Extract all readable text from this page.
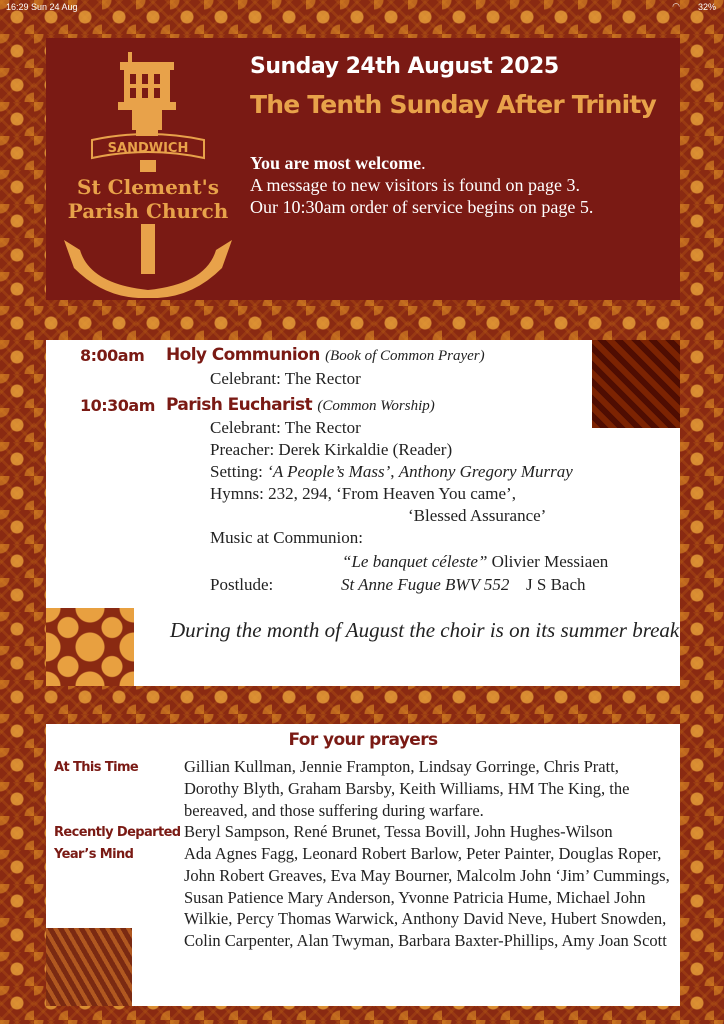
16:29 Sun 24 Aug	◠ 32%
SANDWICH
St Clement's
Parish Church
Sunday 24th August 2025
The Tenth Sunday After Trinity
You are most welcome.
A message to new visitors is found on page 3.
Our 10:30am order of service begins on page 5.
8:00am Holy Communion (Book of Common Prayer)
Celebrant: The Rector
10:30am Parish Eucharist (Common Worship)
Celebrant: The Rector
Preacher: Derek Kirkaldie (Reader)
Setting: ‘A People’s Mass’, Anthony Gregory Murray
Hymns: 232, 294, ‘From Heaven You came’,
‘Blessed Assurance’
Music at Communion:
“Le banquet céleste” Olivier Messiaen
Postlude:	St Anne Fugue BWV 552 J S Bach
During the month of August the choir is on its summer break
For your prayers
At This Time	Gillian Kullman, Jennie Frampton, Lindsay Gorringe, Chris Pratt, Dorothy Blyth, Graham Barsby, Keith Williams, HM The King, the bereaved, and those suffering during warfare.
Recently Departed Beryl Sampson, René Brunet, Tessa Bovill, John Hughes-Wilson
Year’s Mind	Ada Agnes Fagg, Leonard Robert Barlow, Peter Painter, Douglas Roper, John Robert Greaves, Eva May Bourner, Malcolm John ‘Jim’ Cummings, Susan Patience Mary Anderson, Yvonne Patricia Hume, Michael John Wilkie, Percy Thomas Warwick, Anthony David Neve, Hubert Snowden, Colin Carpenter, Alan Twyman, Barbara Baxter-Phillips, Amy Joan Scott
